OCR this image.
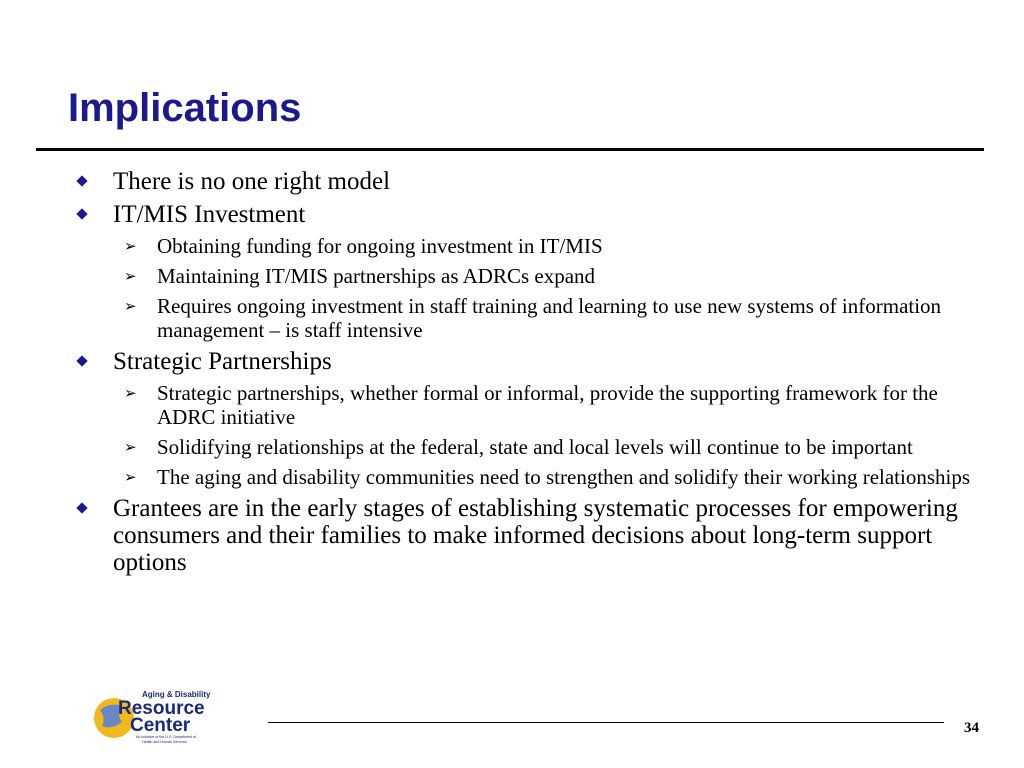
Implications
There is no one right model
IT/MIS Investment
➢ Obtaining funding for ongoing investment in IT/MIS
➢ Maintaining IT/MIS partnerships as ADRCs expand
➢ Requires ongoing investment in staff training and learning to use new systems of information management – is staff intensive
Strategic Partnerships
➢ Strategic partnerships, whether formal or informal, provide the supporting framework for the ADRC initiative
➢ Solidifying relationships at the federal, state and local levels will continue to be important
➢ The aging and disability communities need to strengthen and solidify their working relationships
Grantees are in the early stages of establishing systematic processes for empowering consumers and their families to make informed decisions about long-term support options
Aging & Disability
Resource
Center
An initiative of the U.S. Department of
Health and Human Services
34
